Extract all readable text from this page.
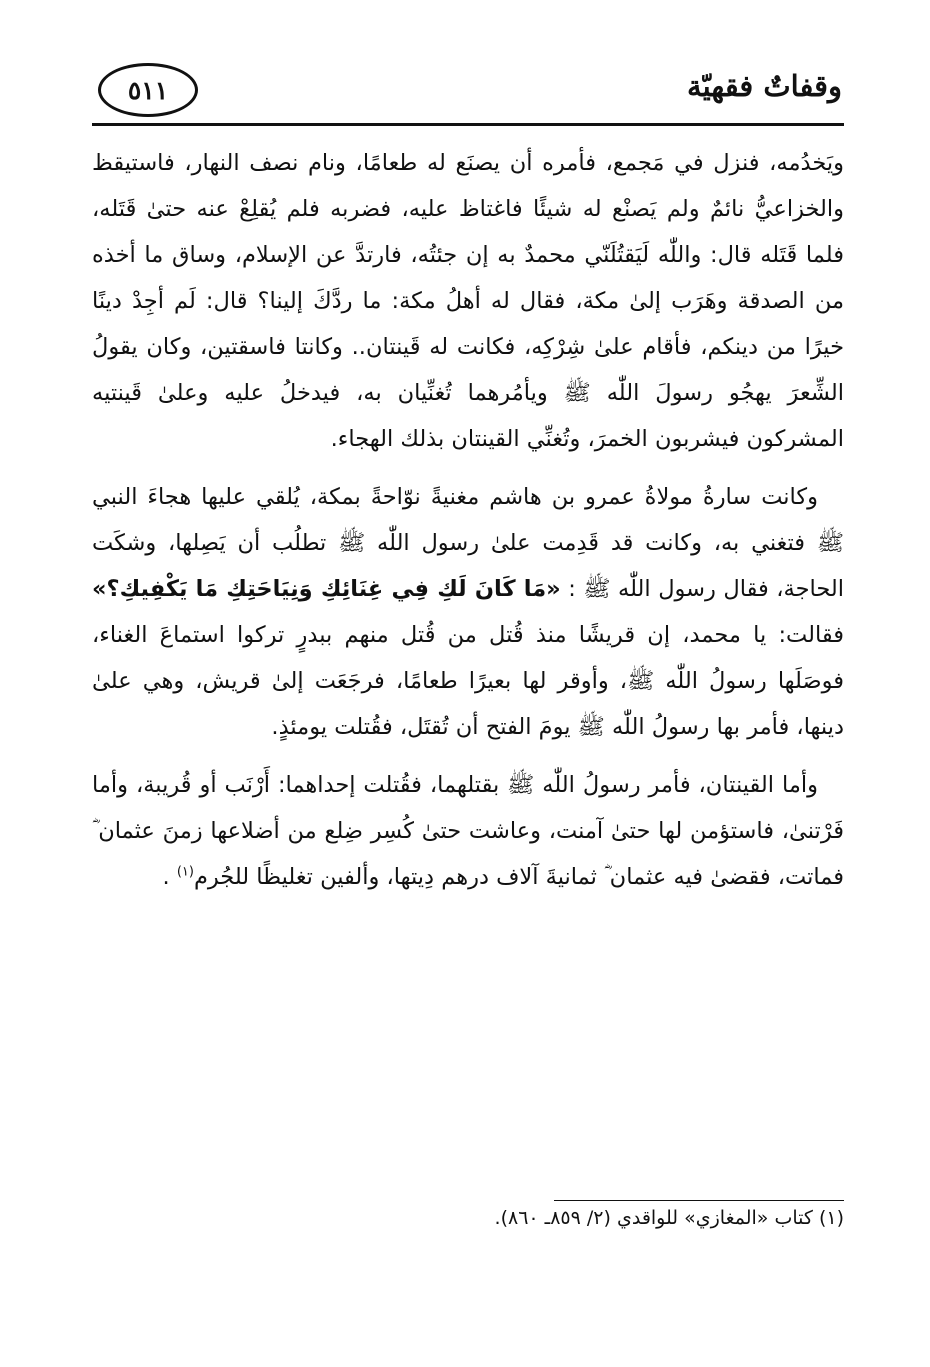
وقفاتٌ فقهيّة
٥١١

ويَخدُمه، فنزل في مَجمع، فأمره أن يصنَع له طعامًا، ونام نصف النهار، فاستيقظ والخزاعيُّ نائمٌ ولم يَصنْع له شيئًا فاغتاظ عليه، فضربه فلم يُقلِعْ عنه حتىٰ قَتَله، فلما قَتَله قال: واللّٰه لَيَقتُلَنّي محمدٌ به إن جئتُه، فارتدَّ عن الإسلام، وساق ما أخذه من الصدقة وهَرَب إلىٰ مكة، فقال له أهلُ مكة: ما ردَّكَ إلينا؟ قال: لَم أجِدْ دينًا خيرًا من دينكم، فأقام علىٰ شِرْكِه، فكانت له قَينتان.. وكانتا فاسقتين، وكان يقولُ الشِّعرَ يهجُو رسولَ اللّٰه ﷺ ويأمُرهما تُغنِّيان به، فيدخلُ عليه وعلىٰ قَينتيه المشركون فيشربون الخمرَ، وتُغنِّي القينتان بذلك الهجاء.

وكانت سارةُ مولاةُ عمرو بن هاشم مغنيةً نوّاحةً بمكة، يُلقي عليها هجاءَ النبي ﷺ فتغني به، وكانت قد قَدِمت علىٰ رسول اللّٰه ﷺ تطلُب أن يَصِلها، وشكَت الحاجة، فقال رسول اللّٰه ﷺ : «مَا كَانَ لَكِ فِي غِنَائِكِ وَنِيَاحَتِكِ مَا يَكْفِيكِ؟» فقالت: يا محمد، إن قريشًا منذ قُتل من قُتل منهم ببدرٍ تركوا استماعَ الغناء، فوصَلَها رسولُ اللّٰه ﷺ، وأوقر لها بعيرًا طعامًا، فرجَعَت إلىٰ قريش، وهي علىٰ دينها، فأمر بها رسولُ اللّٰه ﷺ يومَ الفتح أن تُقتَل، فقُتلت يومئذٍ.

وأما القينتان، فأمر رسولُ اللّٰه ﷺ بقتلهما، فقُتلت إحداهما: أَرْنَب أو قُريبة، وأما فَرْتنىٰ، فاستؤمن لها حتىٰ آمنت، وعاشت حتىٰ كُسِر ضِلع من أضلاعها زمنَ عثمان ؓ فماتت، فقضىٰ فيه عثمان ؓ ثمانيةَ آلاف درهم دِيتها، وألفين تغليظًا للجُرم$^{(١)}$ .

(١) كتاب «المغازي» للواقدي (٢/ ٨٥٩ـ ٨٦٠).
